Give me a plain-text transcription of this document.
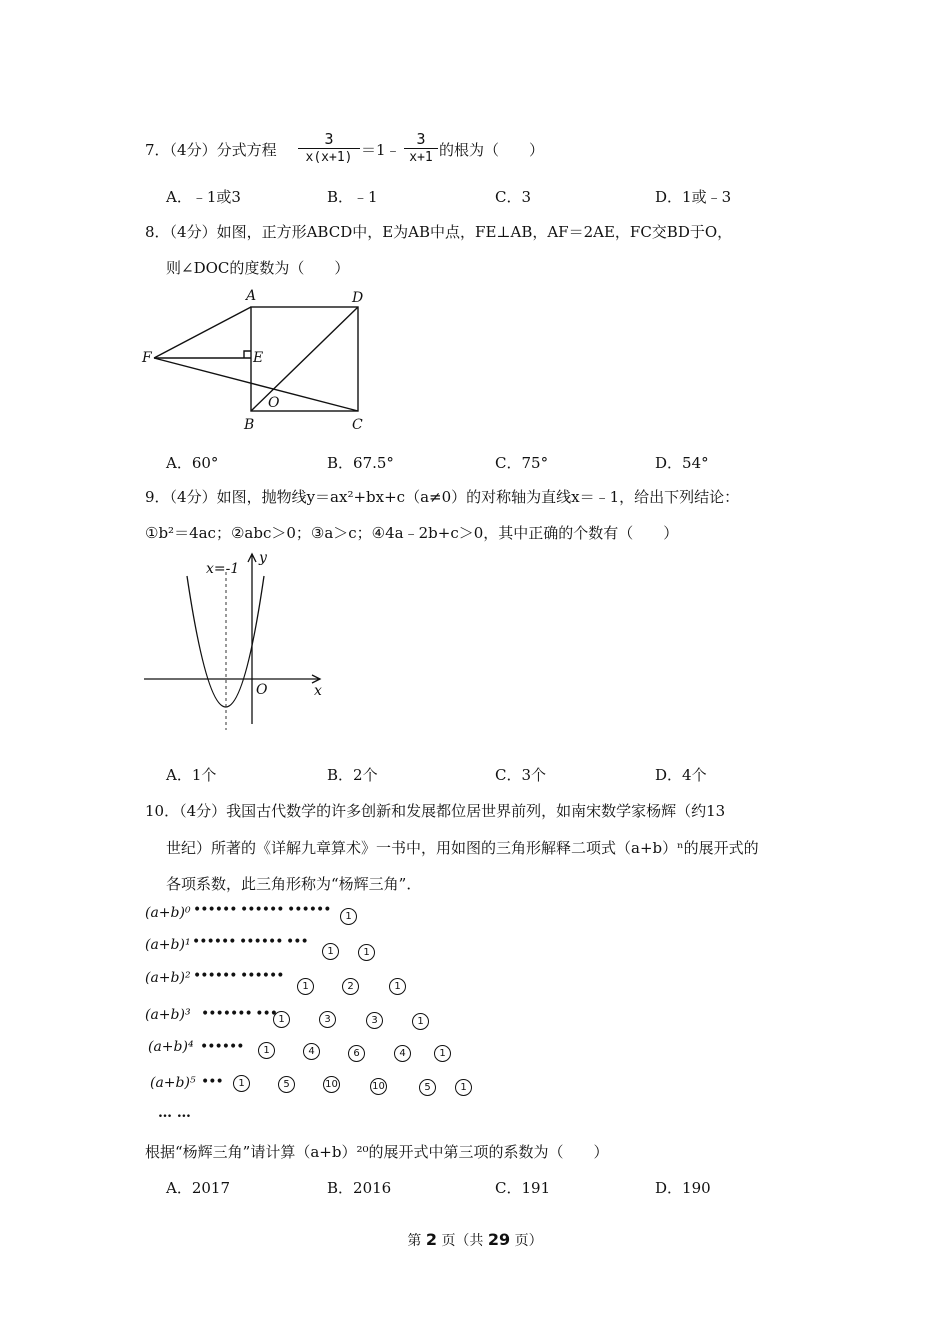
7．（4分）分式方程 $\frac{3}{x(x+1)}$ ＝1﹣ $\frac{3}{x+1}$ 的根为（　　）
A．﹣1或3	B．﹣1	C．3	D．1或﹣3
8．（4分）如图，正方形ABCD中，E为AB中点，FE⊥AB，AF＝2AE，FC交BD于O，
则∠DOC的度数为（　　）
A	D
E
F
O
B	C
A．60°	B．67.5°	C．75°	D．54°
9．（4分）如图，抛物线y＝ax²+bx+c（a≠0）的对称轴为直线x＝﹣1，给出下列结论：
①b²＝4ac；②abc＞0；③a＞c；④4a﹣2b+c＞0，其中正确的个数有（　　）
x=-1
y
x
O
A．1个	B．2个	C．3个	D．4个
10．（4分）我国古代数学的许多创新和发展都位居世界前列，如南宋数学家杨辉（约13
世纪）所著的《详解九章算术》一书中，用如图的三角形解释二项式（a+b）ⁿ的展开式的
各项系数，此三角形称为“杨辉三角”．
(a+b)⁰ •••••• •••••• ••••••	1
(a+b)¹ •••••• •••••• •••
1	1
(a+b)² •••••• ••••••
1	2	1
(a+b)³ ••••••• ••• 1	3	3	1
(a+b)⁴ ••••••	1	4	6	4	1
(a+b)⁵ •••	1	5	10	10	5	1
… …
根据“杨辉三角”请计算（a+b）²⁰的展开式中第三项的系数为（　　）
A．2017	B．2016	C．191	D．190
第 2 页（共 29 页）
